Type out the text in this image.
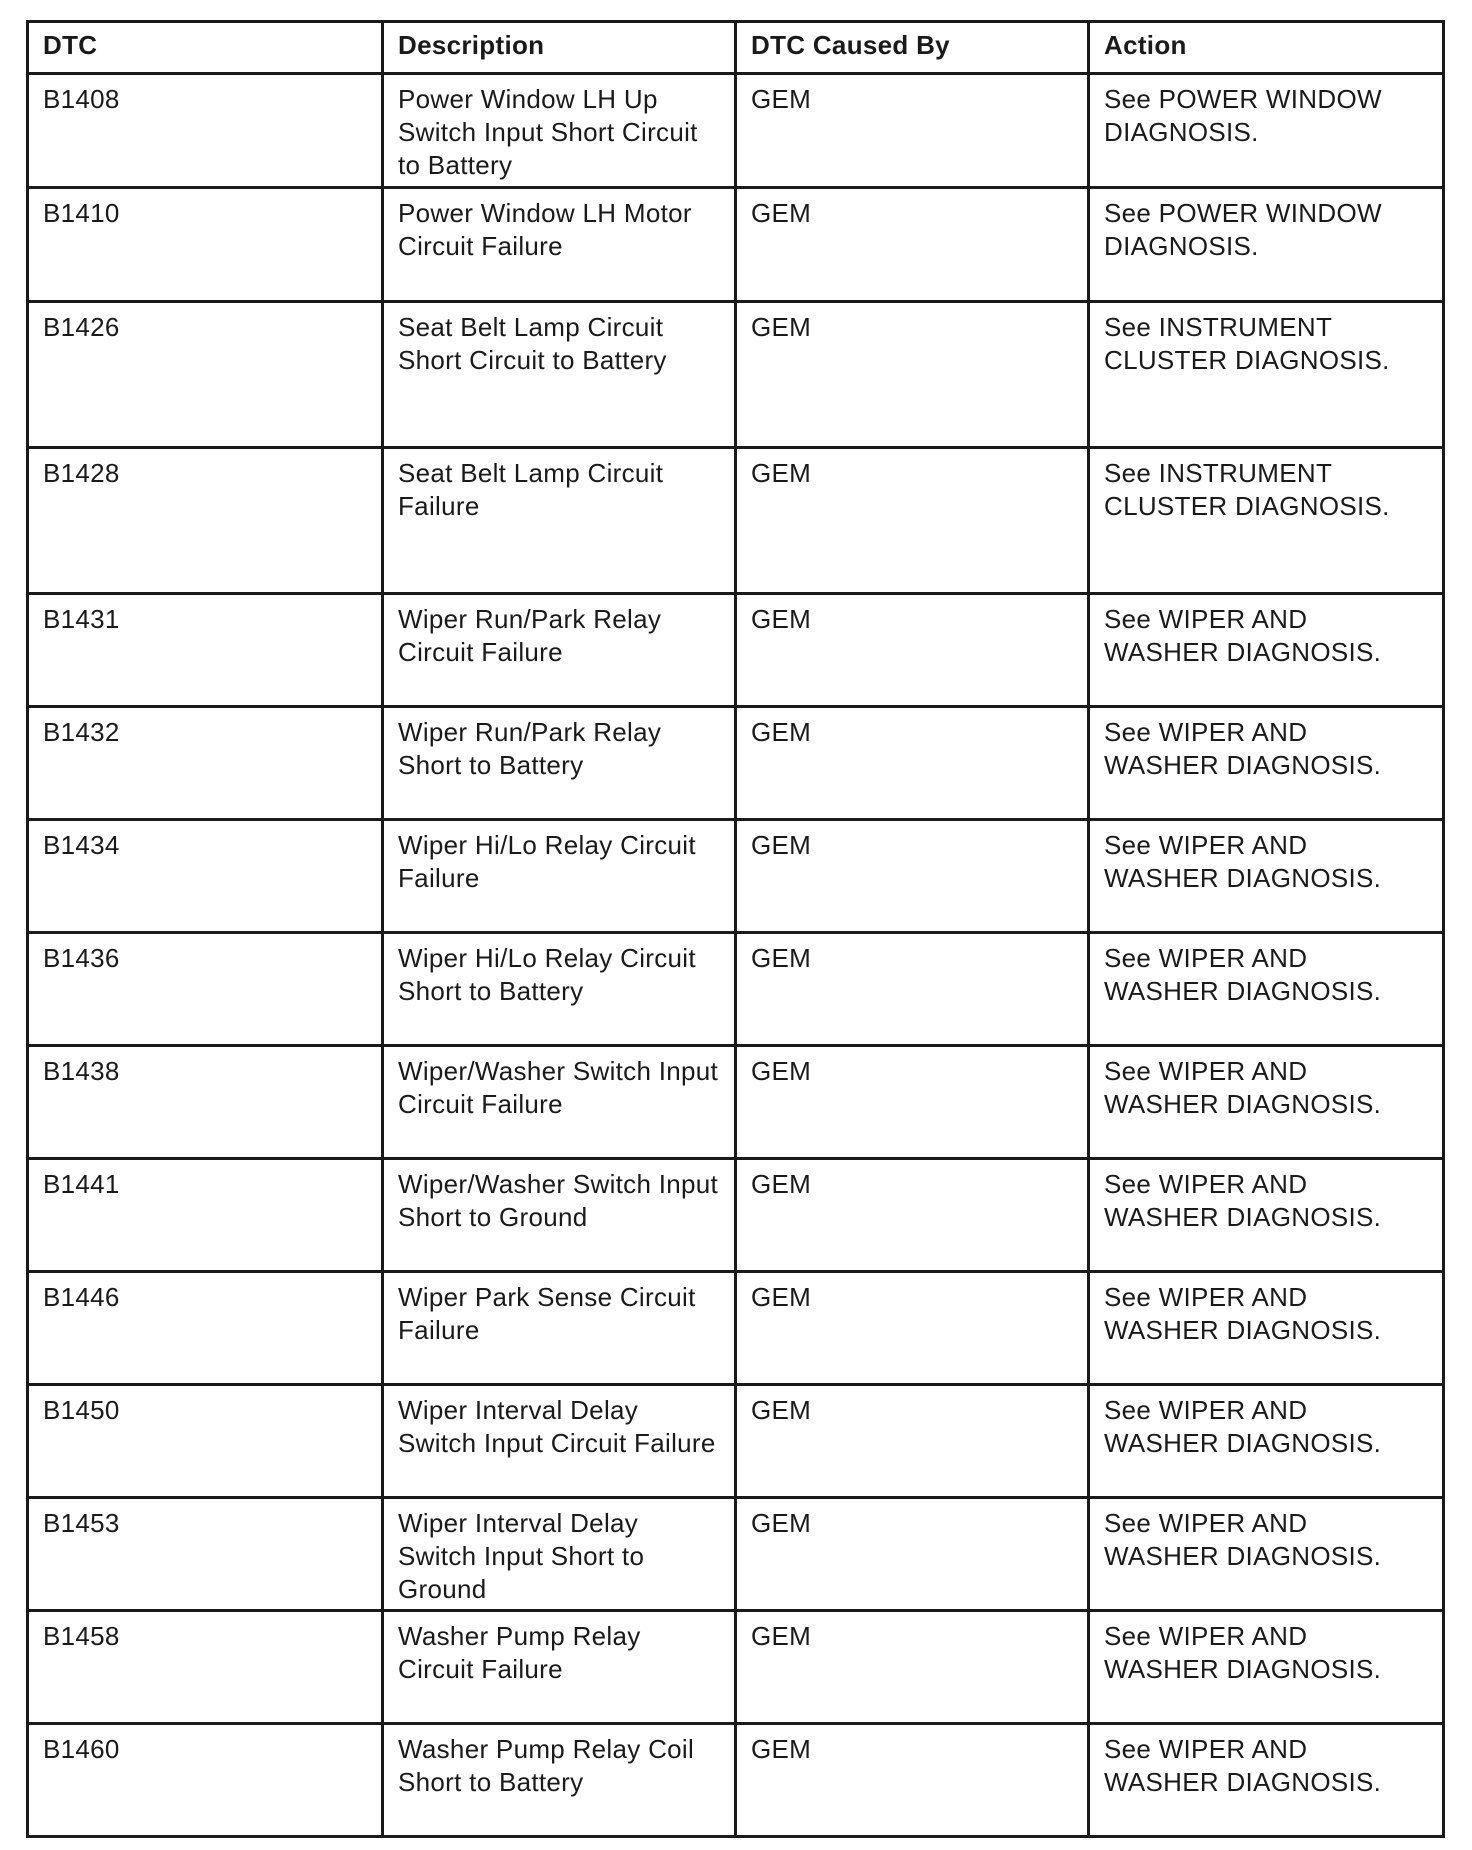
DTC	Description	DTC Caused By	Action
B1408	Power Window LH Up Switch Input Short Circuit to Battery	GEM	See POWER WINDOW DIAGNOSIS.
B1410	Power Window LH Motor Circuit Failure	GEM	See POWER WINDOW DIAGNOSIS.
B1426	Seat Belt Lamp Circuit Short Circuit to Battery	GEM	See INSTRUMENT CLUSTER DIAGNOSIS.
B1428	Seat Belt Lamp Circuit Failure	GEM	See INSTRUMENT CLUSTER DIAGNOSIS.
B1431	Wiper Run/Park Relay Circuit Failure	GEM	See WIPER AND WASHER DIAGNOSIS.
B1432	Wiper Run/Park Relay Short to Battery	GEM	See WIPER AND WASHER DIAGNOSIS.
B1434	Wiper Hi/Lo Relay Circuit Failure	GEM	See WIPER AND WASHER DIAGNOSIS.
B1436	Wiper Hi/Lo Relay Circuit Short to Battery	GEM	See WIPER AND WASHER DIAGNOSIS.
B1438	Wiper/Washer Switch Input Circuit Failure	GEM	See WIPER AND WASHER DIAGNOSIS.
B1441	Wiper/Washer Switch Input Short to Ground	GEM	See WIPER AND WASHER DIAGNOSIS.
B1446	Wiper Park Sense Circuit Failure	GEM	See WIPER AND WASHER DIAGNOSIS.
B1450	Wiper Interval Delay Switch Input Circuit Failure	GEM	See WIPER AND WASHER DIAGNOSIS.
B1453	Wiper Interval Delay Switch Input Short to Ground	GEM	See WIPER AND WASHER DIAGNOSIS.
B1458	Washer Pump Relay Circuit Failure	GEM	See WIPER AND WASHER DIAGNOSIS.
B1460	Washer Pump Relay Coil Short to Battery	GEM	See WIPER AND WASHER DIAGNOSIS.
